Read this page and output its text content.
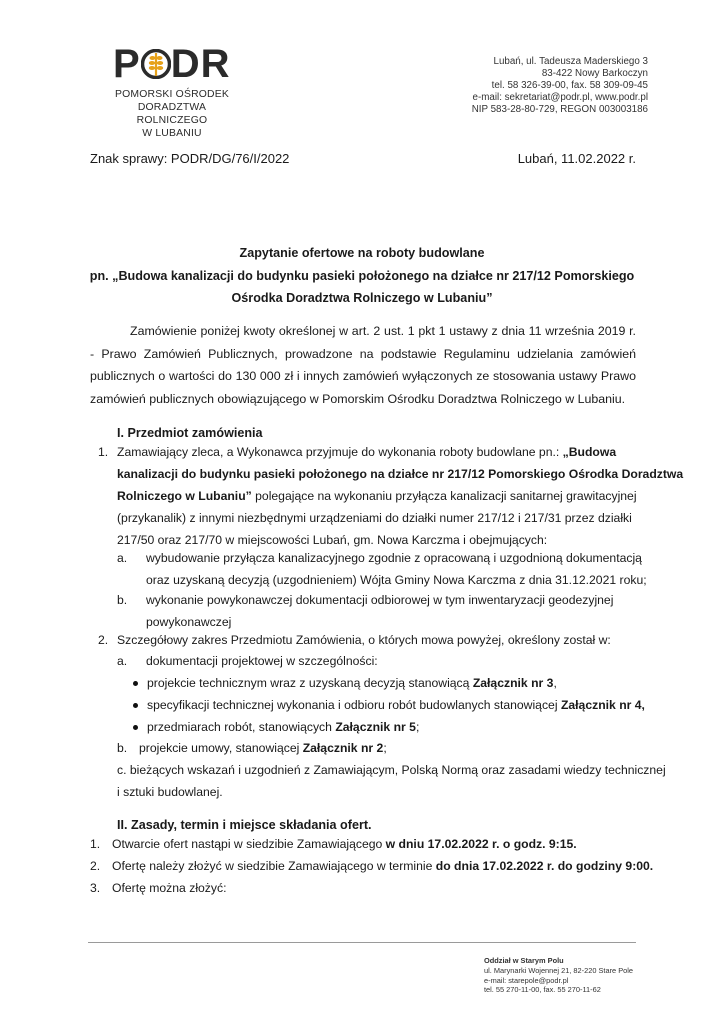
P DR
POMORSKI OŚRODEK
DORADZTWA ROLNICZEGO
W LUBANIU
Lubań, ul. Tadeusza Maderskiego 3
83-422 Nowy Barkoczyn
tel. 58 326-39-00, fax. 58 309-09-45
e-mail: sekretariat@podr.pl, www.podr.pl
NIP 583-28-80-729, REGON 003003186
Znak sprawy: PODR/DG/76/I/2022	Lubań, 11.02.2022 r.
Zapytanie ofertowe na roboty budowlane
pn. „Budowa kanalizacji do budynku pasieki położonego na działce nr 217/12 Pomorskiego
Ośrodka Doradztwa Rolniczego w Lubaniu”
Zamówienie poniżej kwoty określonej w art. 2 ust. 1 pkt 1 ustawy z dnia 11 września 2019 r. - Prawo Zamówień Publicznych, prowadzone na podstawie Regulaminu udzielania zamówień publicznych o wartości do 130 000 zł i innych zamówień wyłączonych ze stosowania ustawy Prawo zamówień publicznych obowiązującego w Pomorskim Ośrodku Doradztwa Rolniczego w Lubaniu.
I. Przedmiot zamówienia
1. Zamawiający zleca, a Wykonawca przyjmuje do wykonania roboty budowlane pn.: „Budowa
kanalizacji do budynku pasieki położonego na działce nr 217/12 Pomorskiego Ośrodka Doradztwa
Rolniczego w Lubaniu” polegające na wykonaniu przyłącza kanalizacji sanitarnej grawitacyjnej
(przykanalik) z innymi niezbędnymi urządzeniami do działki numer 217/12 i 217/31 przez działki
217/50 oraz 217/70 w miejscowości Lubań, gm. Nowa Karczma i obejmujących:
a. wybudowanie przyłącza kanalizacyjnego zgodnie z opracowaną i uzgodnioną dokumentacją
oraz uzyskaną decyzją (uzgodnieniem) Wójta Gminy Nowa Karczma z dnia 31.12.2021 roku;
b. wykonanie powykonawczej dokumentacji odbiorowej w tym inwentaryzacji geodezyjnej
powykonawczej
2. Szczegółowy zakres Przedmiotu Zamówienia, o których mowa powyżej, określony został w:
a. dokumentacji projektowej w szczególności:
projekcie technicznym wraz z uzyskaną decyzją stanowiącą Załącznik nr 3,
specyfikacji technicznej wykonania i odbioru robót budowlanych stanowiącej Załącznik nr 4,
przedmiarach robót, stanowiących Załącznik nr 5;
b. projekcie umowy, stanowiącej Załącznik nr 2;
c. bieżących wskazań i uzgodnień z Zamawiającym, Polską Normą oraz zasadami wiedzy technicznej
i sztuki budowlanej.
II. Zasady, termin i miejsce składania ofert.
1. Otwarcie ofert nastąpi w siedzibie Zamawiającego w dniu 17.02.2022 r. o godz. 9:15.
2. Ofertę należy złożyć w siedzibie Zamawiającego w terminie do dnia 17.02.2022 r. do godziny 9:00.
3. Ofertę można złożyć:
Oddział w Starym Polu
ul. Marynarki Wojennej 21, 82-220 Stare Pole
e-mail: starepole@podr.pl
tel. 55 270-11-00, fax. 55 270-11-62
